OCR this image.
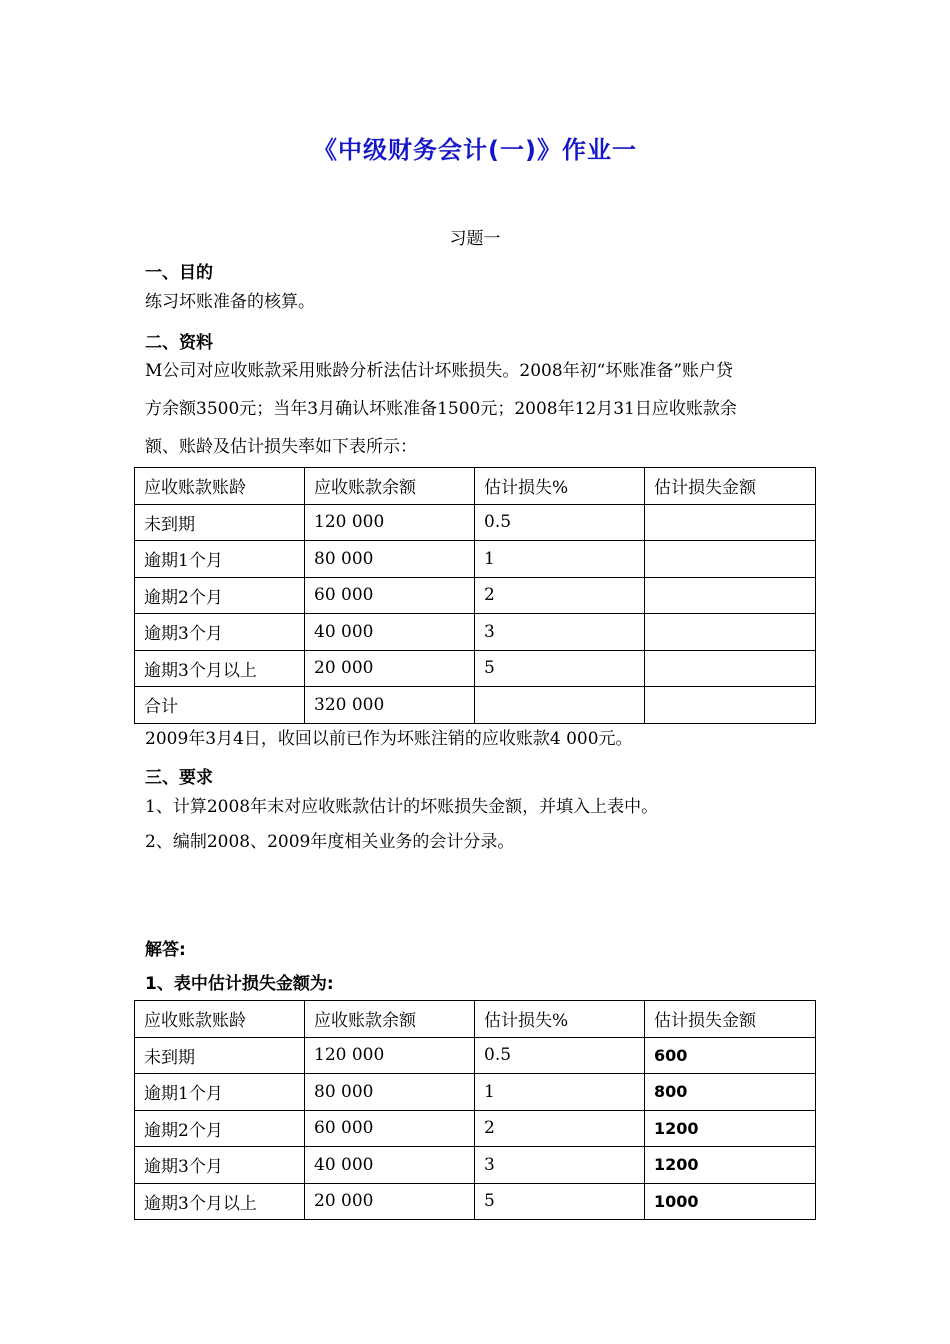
《中级财务会计(一)》作业一
习题一
一、目的
练习坏账准备的核算。
二、资料
M公司对应收账款采用账龄分析法估计坏账损失。2008年初“坏账准备”账户贷
方余额3500元；当年3月确认坏账准备1500元；2008年12月31日应收账款余
额、账龄及估计损失率如下表所示：
应收账款账龄	应收账款余额	估计损失%	估计损失金额
未到期	120 000	0.5	
逾期1个月	80 000	1	
逾期2个月	60 000	2	
逾期3个月	40 000	3	
逾期3个月以上	20 000	5	
合计	320 000		
2009年3月4日，收回以前已作为坏账注销的应收账款4 000元。
三、要求
1、计算2008年末对应收账款估计的坏账损失金额，并填入上表中。
2、编制2008、2009年度相关业务的会计分录。
解答:
1、表中估计损失金额为:
应收账款账龄	应收账款余额	估计损失%	估计损失金额
未到期	120 000	0.5	600
逾期1个月	80 000	1	800
逾期2个月	60 000	2	1200
逾期3个月	40 000	3	1200
逾期3个月以上	20 000	5	1000
